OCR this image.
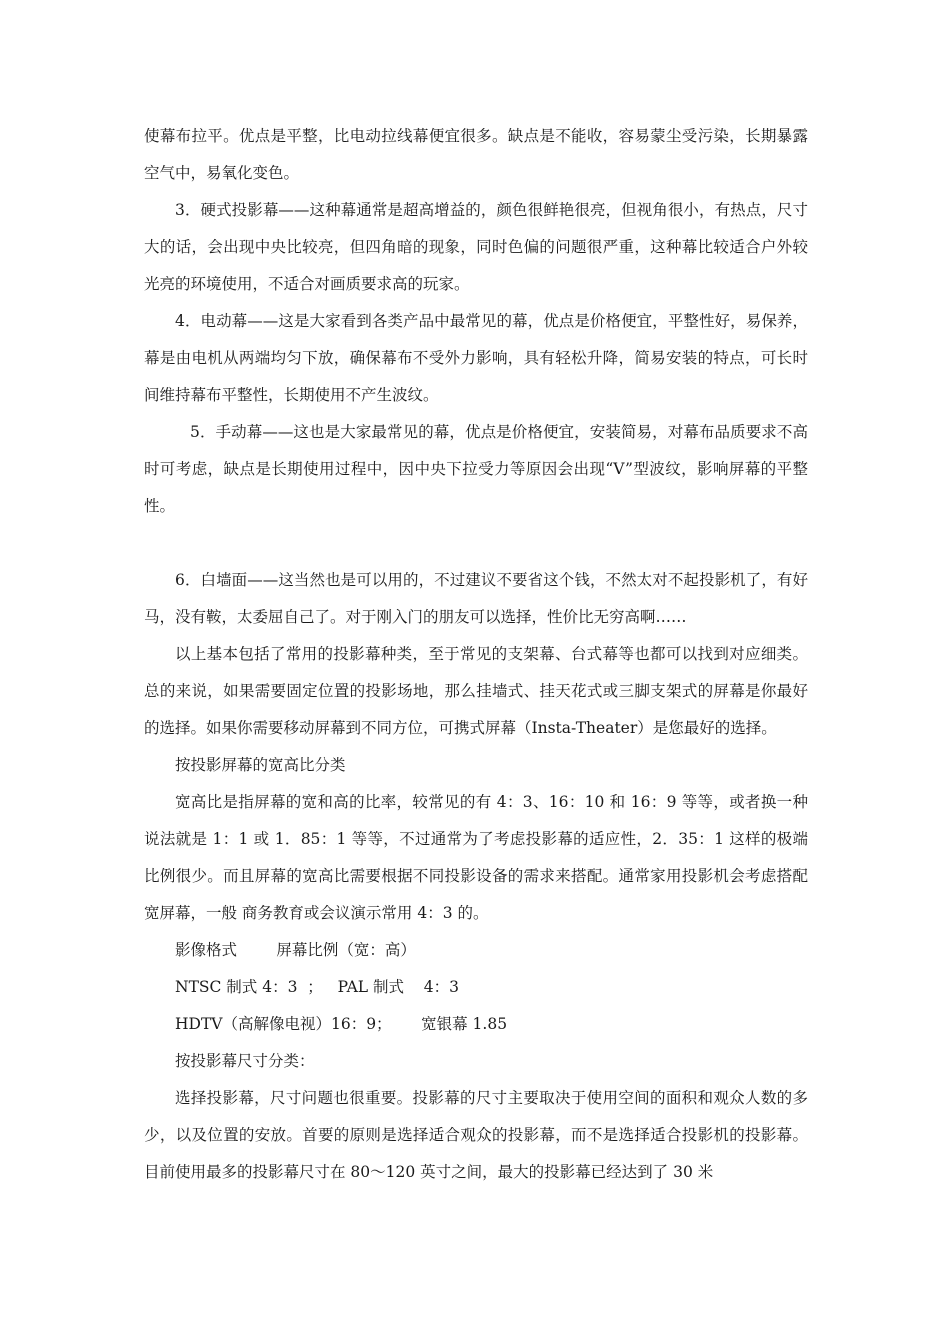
使幕布拉平。优点是平整，比电动拉线幕便宜很多。缺点是不能收，容易蒙尘受污染，长期暴露空气中，易氧化变色。

3．硬式投影幕——这种幕通常是超高增益的，颜色很鲜艳很亮，但视角很小，有热点，尺寸大的话，会出现中央比较亮，但四角暗的现象，同时色偏的问题很严重，这种幕比较适合户外较光亮的环境使用，不适合对画质要求高的玩家。

4．电动幕——这是大家看到各类产品中最常见的幕，优点是价格便宜，平整性好，易保养，幕是由电机从两端均匀下放，确保幕布不受外力影响，具有轻松升降，简易安装的特点，可长时间维持幕布平整性，长期使用不产生波纹。

5．手动幕——这也是大家最常见的幕，优点是价格便宜，安装简易，对幕布品质要求不高时可考虑，缺点是长期使用过程中，因中央下拉受力等原因会出现“V”型波纹，影响屏幕的平整性。

6．白墙面——这当然也是可以用的，不过建议不要省这个钱，不然太对不起投影机了，有好马，没有鞍，太委屈自己了。对于刚入门的朋友可以选择，性价比无穷高啊……

以上基本包括了常用的投影幕种类，至于常见的支架幕、台式幕等也都可以找到对应细类。总的来说，如果需要固定位置的投影场地，那么挂墙式、挂天花式或三脚支架式的屏幕是你最好的选择。如果你需要移动屏幕到不同方位，可携式屏幕（Insta-Theater）是您最好的选择。

按投影屏幕的宽高比分类

宽高比是指屏幕的宽和高的比率，较常见的有 4：3、16：10 和 16：9 等等，或者换一种说法就是 1：1 或 1．85：1 等等，不过通常为了考虑投影幕的适应性，2．35：1 这样的极端比例很少。而且屏幕的宽高比需要根据不同投影设备的需求来搭配。通常家用投影机会考虑搭配宽屏幕，一般 商务教育或会议演示常用 4：3 的。

影像格式        屏幕比例（宽：高）

NTSC 制式 4：3  ；   PAL 制式    4：3

HDTV（高解像电视）16：9；      宽银幕 1.85

按投影幕尺寸分类：

选择投影幕，尺寸问题也很重要。投影幕的尺寸主要取决于使用空间的面积和观众人数的多少，以及位置的安放。首要的原则是选择适合观众的投影幕，而不是选择适合投影机的投影幕。目前使用最多的投影幕尺寸在 80～120 英寸之间，最大的投影幕已经达到了 30 米
